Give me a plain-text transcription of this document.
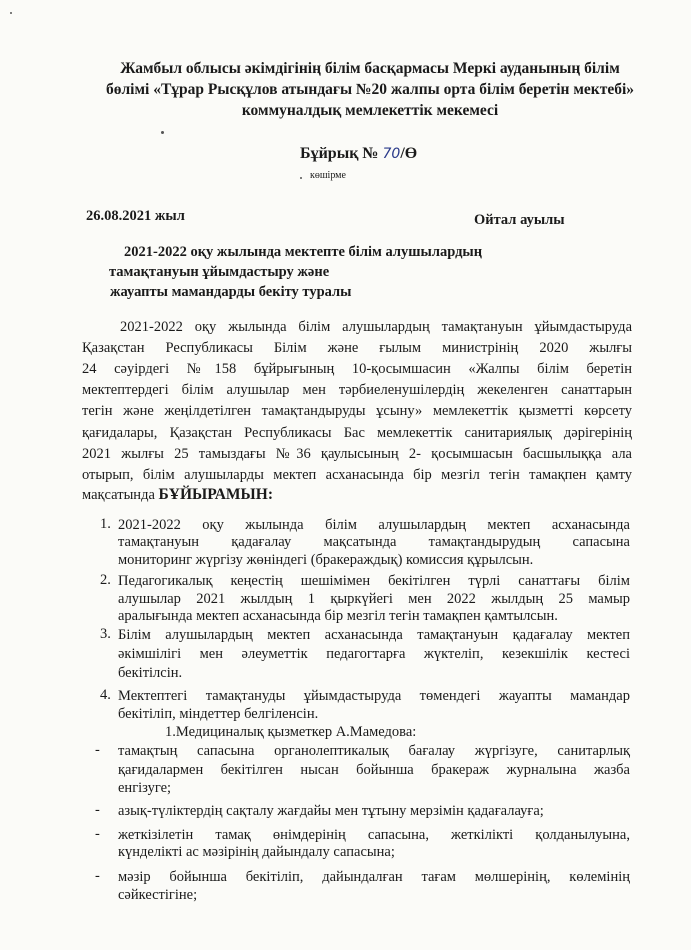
Жамбыл облысы әкімдігінің білім басқармасы Меркі ауданының білім
бөлімі «Тұрар Рысқұлов атындағы №20 жалпы орта білім беретін мектебі»
коммуналдық мемлекеттік мекемесі
Бұйрық № 70/Ө
көшірме
26.08.2021 жыл	Ойтал ауылы
2021-2022 оқу жылында мектепте білім алушылардың
тамақтануын ұйымдастыру және
жауапты мамандарды бекіту туралы
2021-2022 оқу жылында білім алушылардың тамақтануын ұйымдастыруда
Қазақстан Республикасы Білім және ғылым министрінің 2020 жылғы
24 сәуірдегі №158 бұйрығының 10-қосымшасин «Жалпы білім беретін
мектептердегі білім алушылар мен тәрбиеленушілердің жекеленген санаттарын
тегін және жеңілдетілген тамақтандыруды ұсыну» мемлекеттік қызметті көрсету
қағидалары, Қазақстан Республикасы Бас мемлекеттік санитариялық дәрігерінің
2021 жылғы 25 тамыздағы №36 қаулысының 2- қосымшасын басшылыққа ала
отырып, білім алушыларды мектеп асханасында бір мезгіл тегін тамақпен қамту
мақсатында БҰЙЫРАМЫН:
1. 2021-2022 оқу жылында білім алушылардың мектеп асханасында
тамақтануын қадағалау мақсатында тамақтандырудың сапасына
мониторинг жүргізу жөніндегі (бракераждық) комиссия құрылсын.
2. Педагогикалық кеңестің шешімімен бекітілген түрлі санаттағы білім
алушылар 2021 жылдың 1 қыркүйегі мен 2022 жылдың 25 мамыр
аралығында мектеп асханасында бір мезгіл тегін тамақпен қамтылсын.
3. Білім алушылардың мектеп асханасында тамақтануын қадағалау мектеп
әкімшілігі мен әлеуметтік педагогтарға жүктеліп, кезекшілік кестесі
бекітілсін.
4. Мектептегі тамақтануды ұйымдастыруда төмендегі жауапты мамандар
бекітіліп, міндеттер белгіленсін.
1.Медициналық қызметкер А.Мамедова:
- тамақтың сапасына органолептикалық бағалау жүргізуге, санитарлық
қағидалармен бекітілген нысан бойынша бракераж журналына жазба
енгізуге;
- азық-түліктердің сақталу жағдайы мен тұтыну мерзімін қадағалауға;
- жеткізілетін тамақ өнімдерінің сапасына, жеткілікті қолданылуына,
күнделікті ас мәзірінің дайындалу сапасына;
- мәзір бойынша бекітіліп, дайындалған тағам мөлшерінің, көлемінің
сәйкестігіне;
